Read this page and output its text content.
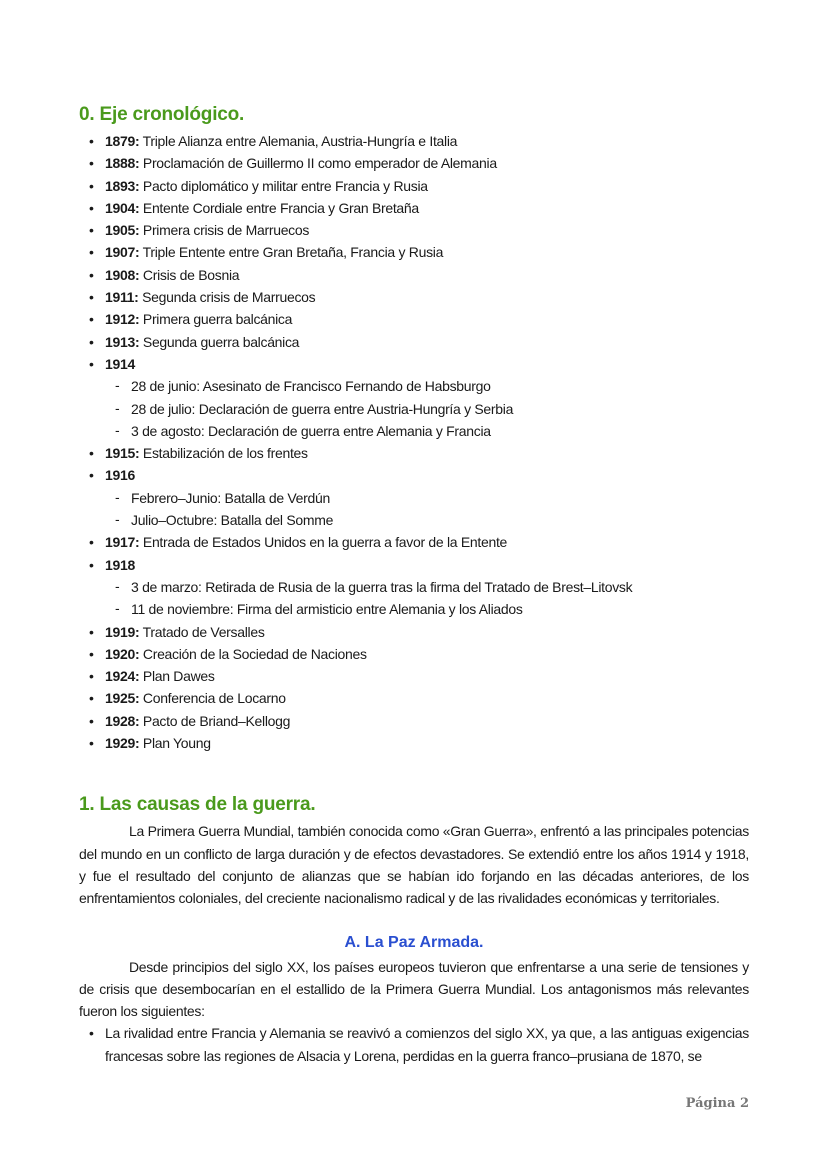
0. Eje cronológico.
• 1879: Triple Alianza entre Alemania, Austria-Hungría e Italia
• 1888: Proclamación de Guillermo II como emperador de Alemania
• 1893: Pacto diplomático y militar entre Francia y Rusia
• 1904: Entente Cordiale entre Francia y Gran Bretaña
• 1905: Primera crisis de Marruecos
• 1907: Triple Entente entre Gran Bretaña, Francia y Rusia
• 1908: Crisis de Bosnia
• 1911: Segunda crisis de Marruecos
• 1912: Primera guerra balcánica
• 1913: Segunda guerra balcánica
• 1914
- 28 de junio: Asesinato de Francisco Fernando de Habsburgo
- 28 de julio: Declaración de guerra entre Austria-Hungría y Serbia
- 3 de agosto: Declaración de guerra entre Alemania y Francia
• 1915: Estabilización de los frentes
• 1916
- Febrero–Junio: Batalla de Verdún
- Julio–Octubre: Batalla del Somme
• 1917: Entrada de Estados Unidos en la guerra a favor de la Entente
• 1918
- 3 de marzo: Retirada de Rusia de la guerra tras la firma del Tratado de Brest–Litovsk
- 11 de noviembre: Firma del armisticio entre Alemania y los Aliados
• 1919: Tratado de Versalles
• 1920: Creación de la Sociedad de Naciones
• 1924: Plan Dawes
• 1925: Conferencia de Locarno
• 1928: Pacto de Briand–Kellogg
• 1929: Plan Young
1. Las causas de la guerra.

La Primera Guerra Mundial, también conocida como «Gran Guerra», enfrentó a las principales potencias del mundo en un conflicto de larga duración y de efectos devastadores. Se extendió entre los años 1914 y 1918, y fue el resultado del conjunto de alianzas que se habían ido forjando en las décadas anteriores, de los enfrentamientos coloniales, del creciente nacionalismo radical y de las rivalidades económicas y territoriales.

A. La Paz Armada.

Desde principios del siglo XX, los países europeos tuvieron que enfrentarse a una serie de tensiones y de crisis que desembocarían en el estallido de la Primera Guerra Mundial. Los antagonismos más relevantes fueron los siguientes:

• La rivalidad entre Francia y Alemania se reavivó a comienzos del siglo XX, ya que, a las antiguas exigencias francesas sobre las regiones de Alsacia y Lorena, perdidas en la guerra franco–prusiana de 1870, se
Página 2
